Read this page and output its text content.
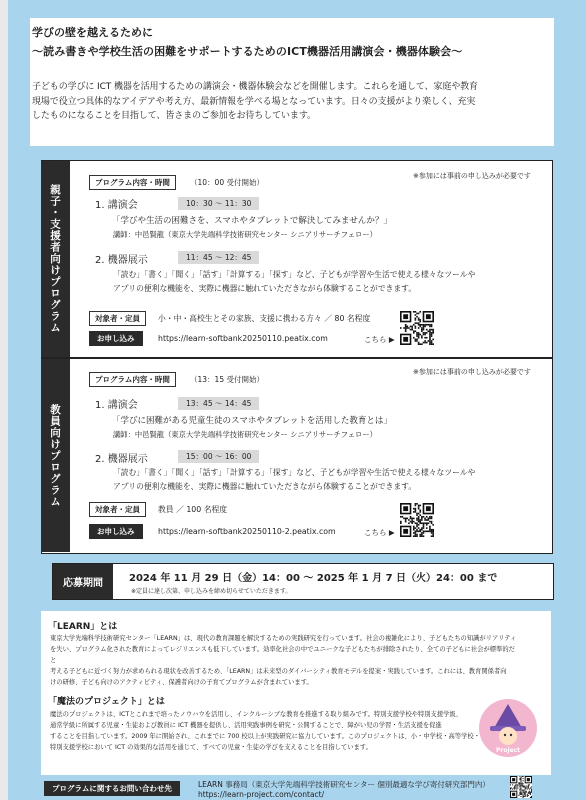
学びの壁を越えるために
〜読み書きや学校生活の困難をサポートするためのICT機器活用講演会・機器体験会〜
子どもの学びに ICT 機器を活用するための講演会・機器体験会などを開催します。これらを通して、家庭や教育
現場で役立つ具体的なアイデアや考え方、最新情報を学べる場となっています。日々の支援がより楽しく、充実
したものになることを目指して、皆さまのご参加をお待ちしています。
親子・支援者向けプログラム
プログラム内容・時間	（10：00 受付開始）
※参加には事前の申し込みが必要です
1. 講演会	10：30 〜 11：30
「学びや生活の困難さを、スマホやタブレットで解決してみませんか？」
講師：中邑賢龍（東京大学先端科学技術研究センター シニアリサーチフェロー）
2. 機器展示	11：45 〜 12：45
「読む」「書く」「聞く」「話す」「計算する」「探す」など、子どもが学習や生活で使える様々なツールや
アプリの便利な機能を、実際に機器に触れていただきながら体験することができます。
対象者・定員	小・中・高校生とその家族、支援に携わる方々 ／ 80 名程度
お申し込み	https://learn-softbank20250110.peatix.com	こちら ▶
教員向けプログラム
プログラム内容・時間	（13：15 受付開始）
※参加には事前の申し込みが必要です
1. 講演会	13：45 〜 14：45
「学びに困難がある児童生徒のスマホやタブレットを活用した教育とは」
講師：中邑賢龍（東京大学先端科学技術研究センター シニアリサーチフェロー）
2. 機器展示	15：00 〜 16：00
「読む」「書く」「聞く」「話す」「計算する」「探す」など、子どもが学習や生活で使える様々なツールや
アプリの便利な機能を、実際に機器に触れていただきながら体験することができます。
対象者・定員	教員 ／ 100 名程度
お申し込み	https://learn-softbank20250110-2.peatix.com	こちら ▶
応募期間	2024 年 11 月 29 日（金）14：00 〜 2025 年 1 月 7 日（火）24：00 まで
※定員に達し次第、申し込みを締め切らせていただきます。
「LEARN」とは
東京大学先端科学技術研究センター「LEARN」は、現代の教育課題を解決するための実践研究を行っています。社会の複雑化により、子どもたちの知識がリアリティ
を失い、プログラム化された教育によってレジリエンスも低下しています。効率化社会の中でユニークな子どもたちが排除されたり、全ての子どもに社会が標準的だと
考える子どもに近づく努力が求められる現状を改善するため、「LEARN」は未来型のダイバーシティ教育モデルを提案・実践しています。これには、教育関係者向
けの研修、子ども向けのアクティビティ、保護者向けの子育てプログラムが含まれています。
「魔法のプロジェクト」とは
魔法のプロジェクトは、ICTとこれまで培ったノウハウを活用し、インクルーシブな教育を推進する取り組みです。特別支援学校や特別支援学級、
通常学級に所属する児童・生徒および教員に ICT 機器を提供し、活用実践事例を研究・公開することで、障がい児の学習・生活支援を促進
することを目指しています。2009 年に開始され、これまでに 700 校以上が実践研究に協力しています。このプロジェクトは、小・中学校・高等学校・
特別支援学校において ICT の効果的な活用を通じて、すべての児童・生徒の学びを支えることを目指しています。	Project
プログラムに関するお問い合わせ先	LEARN 事務局（東京大学先端科学技術研究センター 個別最適な学び寄付研究部門内）
https://learn-project.com/contact/
